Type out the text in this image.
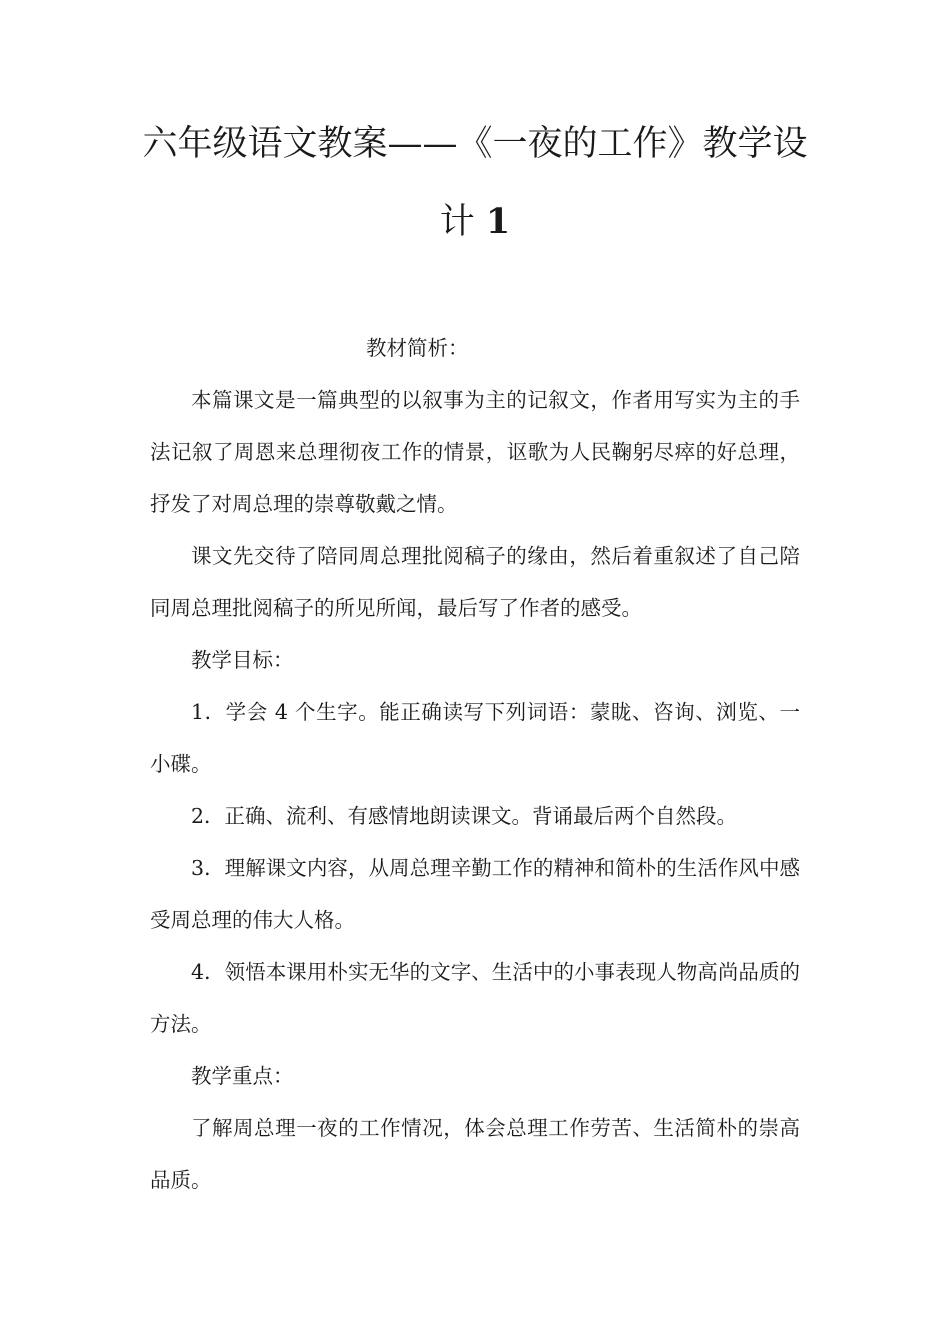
六年级语文教案——《一夜的工作》教学设
计 1

教材简析：

本篇课文是一篇典型的以叙事为主的记叙文，作者用写实为主的手法记叙了周恩来总理彻夜工作的情景，讴歌为人民鞠躬尽瘁的好总理，抒发了对周总理的崇尊敬戴之情。

课文先交待了陪同周总理批阅稿子的缘由，然后着重叙述了自己陪同周总理批阅稿子的所见所闻，最后写了作者的感受。

教学目标：

1．学会 4 个生字。能正确读写下列词语：蒙眬、咨询、浏览、一小碟。

2．正确、流利、有感情地朗读课文。背诵最后两个自然段。

3．理解课文内容，从周总理辛勤工作的精神和简朴的生活作风中感受周总理的伟大人格。

4．领悟本课用朴实无华的文字、生活中的小事表现人物高尚品质的方法。

教学重点：

了解周总理一夜的工作情况，体会总理工作劳苦、生活简朴的崇高品质。
